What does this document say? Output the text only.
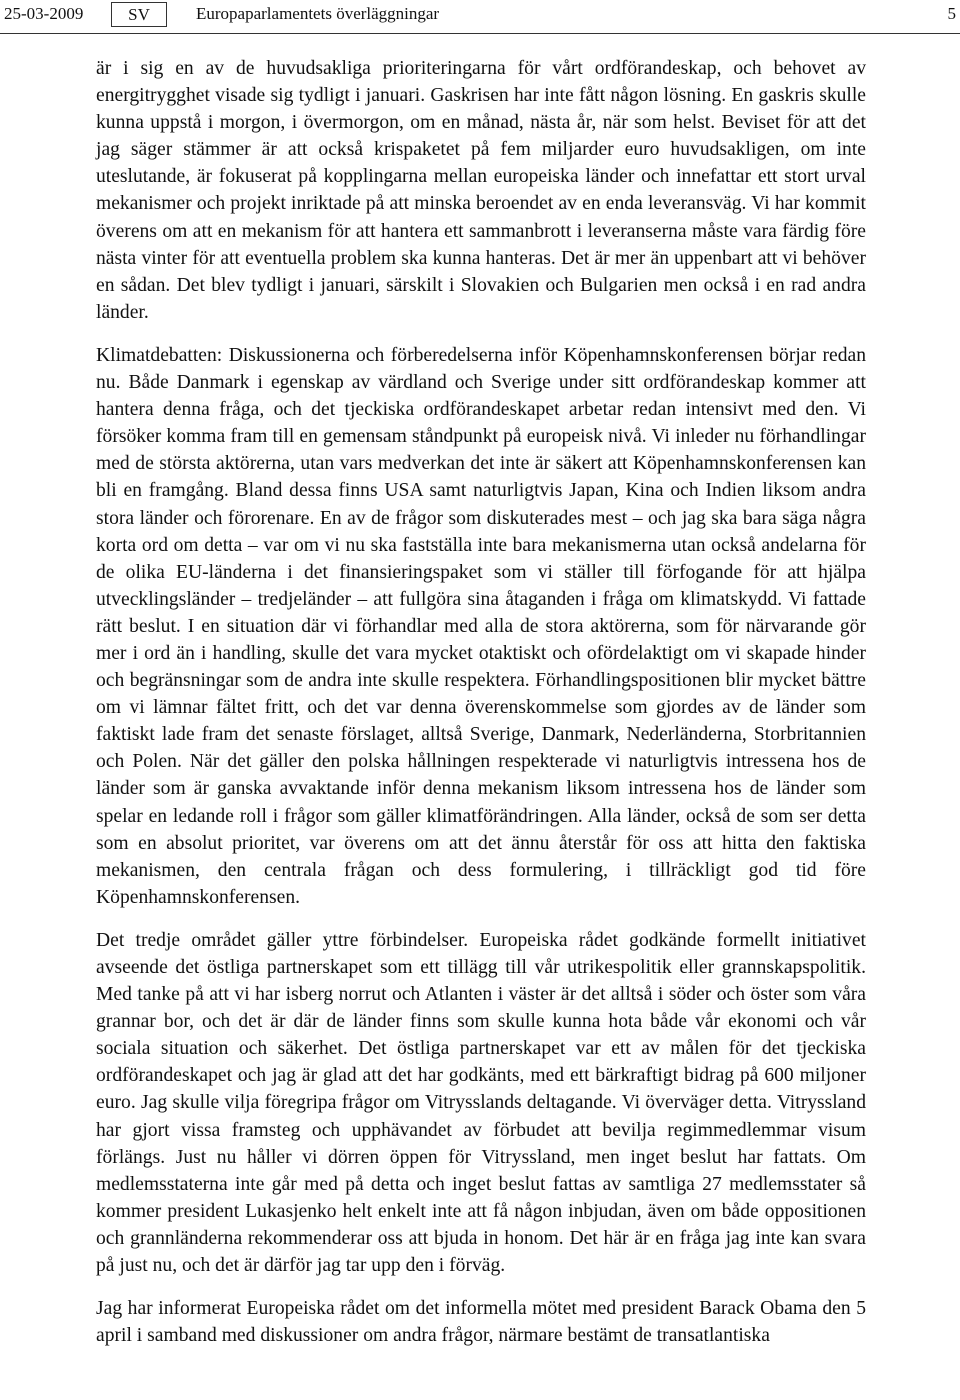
25-03-2009	SV	Europaparlamentets överläggningar	5

är i sig en av de huvudsakliga prioriteringarna för vårt ordförandeskap, och behovet av energitrygghet visade sig tydligt i januari. Gaskrisen har inte fått någon lösning. En gaskris skulle kunna uppstå i morgon, i övermorgon, om en månad, nästa år, när som helst. Beviset för att det jag säger stämmer är att också krispaketet på fem miljarder euro huvudsakligen, om inte uteslutande, är fokuserat på kopplingarna mellan europeiska länder och innefattar ett stort urval mekanismer och projekt inriktade på att minska beroendet av en enda leveransväg. Vi har kommit överens om att en mekanism för att hantera ett sammanbrott i leveranserna måste vara färdig före nästa vinter för att eventuella problem ska kunna hanteras. Det är mer än uppenbart att vi behöver en sådan. Det blev tydligt i januari, särskilt i Slovakien och Bulgarien men också i en rad andra länder.

Klimatdebatten: Diskussionerna och förberedelserna inför Köpenhamnskonferensen börjar redan nu. Både Danmark i egenskap av värdland och Sverige under sitt ordförandeskap kommer att hantera denna fråga, och det tjeckiska ordförandeskapet arbetar redan intensivt med den. Vi försöker komma fram till en gemensam ståndpunkt på europeisk nivå. Vi inleder nu förhandlingar med de största aktörerna, utan vars medverkan det inte är säkert att Köpenhamnskonferensen kan bli en framgång. Bland dessa finns USA samt naturligtvis Japan, Kina och Indien liksom andra stora länder och förorenare. En av de frågor som diskuterades mest – och jag ska bara säga några korta ord om detta – var om vi nu ska fastställa inte bara mekanismerna utan också andelarna för de olika EU-länderna i det finansieringspaket som vi ställer till förfogande för att hjälpa utvecklingsländer – tredjeländer – att fullgöra sina åtaganden i fråga om klimatskydd. Vi fattade rätt beslut. I en situation där vi förhandlar med alla de stora aktörerna, som för närvarande gör mer i ord än i handling, skulle det vara mycket otaktiskt och ofördelaktigt om vi skapade hinder och begränsningar som de andra inte skulle respektera. Förhandlingspositionen blir mycket bättre om vi lämnar fältet fritt, och det var denna överenskommelse som gjordes av de länder som faktiskt lade fram det senaste förslaget, alltså Sverige, Danmark, Nederländerna, Storbritannien och Polen. När det gäller den polska hållningen respekterade vi naturligtvis intressena hos de länder som är ganska avvaktande inför denna mekanism liksom intressena hos de länder som spelar en ledande roll i frågor som gäller klimatförändringen. Alla länder, också de som ser detta som en absolut prioritet, var överens om att det ännu återstår för oss att hitta den faktiska mekanismen, den centrala frågan och dess formulering, i tillräckligt god tid före Köpenhamnskonferensen.

Det tredje området gäller yttre förbindelser. Europeiska rådet godkände formellt initiativet avseende det östliga partnerskapet som ett tillägg till vår utrikespolitik eller grannskapspolitik. Med tanke på att vi har isberg norrut och Atlanten i väster är det alltså i söder och öster som våra grannar bor, och det är där de länder finns som skulle kunna hota både vår ekonomi och vår sociala situation och säkerhet. Det östliga partnerskapet var ett av målen för det tjeckiska ordförandeskapet och jag är glad att det har godkänts, med ett bärkraftigt bidrag på 600 miljoner euro. Jag skulle vilja föregripa frågor om Vitrysslands deltagande. Vi överväger detta. Vitryssland har gjort vissa framsteg och upphävandet av förbudet att bevilja regimmedlemmar visum förlängs. Just nu håller vi dörren öppen för Vitryssland, men inget beslut har fattats. Om medlemsstaterna inte går med på detta och inget beslut fattas av samtliga 27 medlemsstater så kommer president Lukasjenko helt enkelt inte att få någon inbjudan, även om både oppositionen och grannländerna rekommenderar oss att bjuda in honom. Det här är en fråga jag inte kan svara på just nu, och det är därför jag tar upp den i förväg.

Jag har informerat Europeiska rådet om det informella mötet med president Barack Obama den 5 april i samband med diskussioner om andra frågor, närmare bestämt de transatlantiska
